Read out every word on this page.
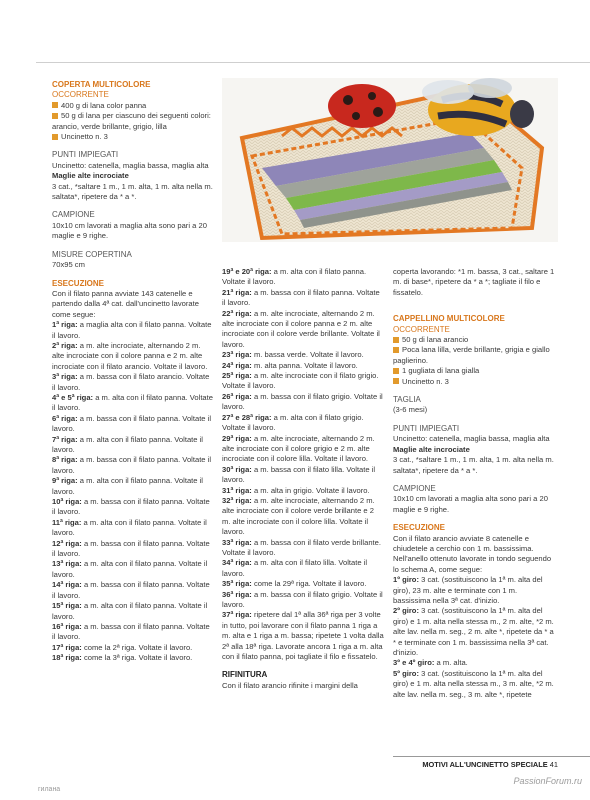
COPERTA MULTICOLORE

OCCORRENTE

400 g di lana color panna

50 g di lana per ciascuno dei seguenti colori: arancio, verde brillante, grigio, lilla

Uncinetto n. 3

PUNTI IMPIEGATI

Uncinetto: catenella, maglia bassa, maglia alta

Maglie alte incrociate

3 cat., *saltare 1 m., 1 m. alta, 1 m. alta nella m. saltata*, ripetere da * a *.

CAMPIONE

10x10 cm lavorati a maglia alta sono pari a 20 maglie e 9 righe.

MISURE COPERTINA

70x95 cm

ESECUZIONE

Con il filato panna avviate 143 catenelle e partendo dalla 4ª cat. dall'uncinetto lavorate come segue:

1ª riga: a maglia alta con il filato panna. Voltate il lavoro.

2ª riga: a m. alte incrociate, alternando 2 m. alte incrociate con il colore panna e 2 m. alte incrociate con il filato arancio. Voltate il lavoro.

3ª riga: a m. bassa con il filato arancio. Voltate il lavoro.

4ª e 5ª riga: a m. alta con il filato panna. Voltate il lavoro.

6ª riga: a m. bassa con il filato panna. Voltate il lavoro.

7ª riga: a m. alta con il filato panna. Voltate il lavoro.

8ª riga: a m. bassa con il filato panna. Voltate il lavoro.

9ª riga: a m. alta con il filato panna. Voltate il lavoro.

10ª riga: a m. bassa con il filato panna. Voltate il lavoro.

11ª riga: a m. alta con il filato panna. Voltate il lavoro.

12ª riga: a m. bassa con il filato panna. Voltate il lavoro.

13ª riga: a m. alta con il filato panna. Voltate il lavoro.

14ª riga: a m. bassa con il filato panna. Voltate il lavoro.

15ª riga: a m. alta con il filato panna. Voltate il lavoro.

16ª riga: a m. bassa con il filato panna. Voltate il lavoro.

17ª riga: come la 2ª riga. Voltate il lavoro.

18ª riga: come la 3ª riga. Voltate il lavoro.

19ª e 20ª riga: a m. alta con il filato panna. Voltate il lavoro.

21ª riga: a m. bassa con il filato panna. Voltate il lavoro.

22ª riga: a m. alte incrociate, alternando 2 m. alte incrociate con il colore panna e 2 m. alte incrociate con il colore verde brillante. Voltate il lavoro.

23ª riga: m. bassa verde. Voltate il lavoro.

24ª riga: m. alta panna. Voltate il lavoro.

25ª riga: a m. alte incrociate con il filato grigio. Voltate il lavoro.

26ª riga: a m. bassa con il filato grigio. Voltate il lavoro.

27ª e 28ª riga: a m. alta con il filato grigio. Voltate il lavoro.

29ª riga: a m. alte incrociate, alternando 2 m. alte incrociate con il colore grigio e 2 m. alte incrociate con il colore lilla. Voltate il lavoro.

30ª riga: a m. bassa con il filato lilla. Voltate il lavoro.

31ª riga: a m. alta in grigio. Voltate il lavoro.

32ª riga: a m. alte incrociate, alternando 2 m. alte incrociate con il colore verde brillante e 2 m. alte incrociate con il colore lilla. Voltate il lavoro.

33ª riga: a m. bassa con il filato verde brillante. Voltate il lavoro.

34ª riga: a m. alta con il filato lilla. Voltate il lavoro.

35ª riga: come la 29ª riga. Voltate il lavoro.

36ª riga: a m. bassa con il filato grigio. Voltate il lavoro.

37ª riga: ripetere dal 1ª alla 36ª riga per 3 volte in tutto, poi lavorare con il filato panna 1 riga a m. alta e 1 riga a m. bassa; ripetete 1 volta dalla 2ª alla 18ª riga. Lavorate ancora 1 riga a m. alta con il filato panna, poi tagliate il filo e fissatelo.

RIFINITURA

Con il filato arancio rifinite i margini della

coperta lavorando: *1 m. bassa, 3 cat., saltare 1 m. di base*, ripetere da * a *; tagliate il filo e fissatelo.

CAPPELLINO MULTICOLORE

OCCORRENTE

50 g di lana arancio

Poca lana lilla, verde brillante, grigia e giallo paglierino.

1 gugliata di lana gialla

Uncinetto n. 3

TAGLIA

(3-6 mesi)

PUNTI IMPIEGATI

Uncinetto: catenella, maglia bassa, maglia alta

Maglie alte incrociate

3 cat., *saltare 1 m., 1 m. alta, 1 m. alta nella m. saltata*, ripetere da * a *.

CAMPIONE

10x10 cm lavorati a maglia alta sono pari a 20 maglie e 9 righe.

ESECUZIONE

Con il filato arancio avviate 8 catenelle e chiudetele a cerchio con 1 m. bassissima. Nell'anello ottenuto lavorate in tondo seguendo lo schema A, come segue:

1º giro: 3 cat. (sostituiscono la 1ª m. alta del giro), 23 m. alte e terminate con 1 m. bassissima nella 3ª cat. d'inizio.

2º giro: 3 cat. (sostituiscono la 1ª m. alta del giro) e 1 m. alta nella stessa m., 2 m. alte, *2 m. alte lav. nella m. seg., 2 m. alte *, ripetete da * a * e terminate con 1 m. bassissima nella 3ª cat. d'inizio.

3º e 4º giro: a m. alta.

5º giro: 3 cat. (sostituiscono la 1ª m. alta del giro) e 1 m. alta nella stessa m., 3 m. alte, *2 m. alte lav. nella m. seg., 3 m. alte *, ripetete

MOTIVI ALL'UNCINETTO SPECIALE 41
PassionForum.ru
гилана
